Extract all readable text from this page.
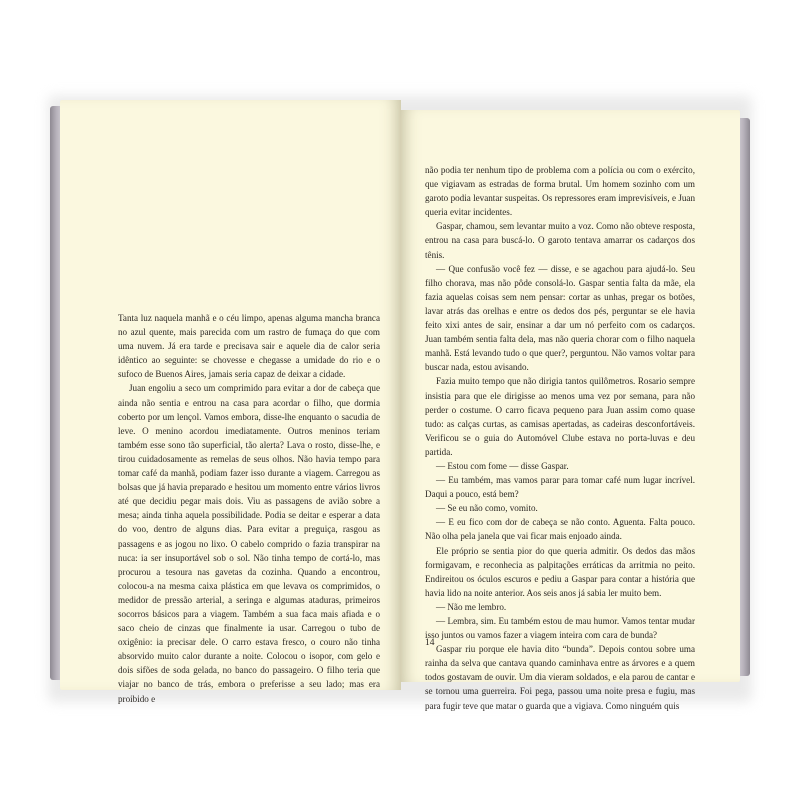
Tanta luz naquela manhã e o céu limpo, apenas alguma mancha branca no azul quente, mais parecida com um rastro de fumaça do que com uma nuvem. Já era tarde e precisava sair e aquele dia de calor seria idêntico ao seguinte: se chovesse e chegasse a umidade do rio e o sufoco de Buenos Aires, jamais seria capaz de deixar a cidade.

Juan engoliu a seco um comprimido para evitar a dor de cabeça que ainda não sentia e entrou na casa para acordar o filho, que dormia coberto por um lençol. Vamos embora, disse-lhe enquanto o sacudia de leve. O menino acordou imediatamente. Outros meninos teriam também esse sono tão superficial, tão alerta? Lava o rosto, disse-lhe, e tirou cuidadosamente as remelas de seus olhos. Não havia tempo para tomar café da manhã, podiam fazer isso durante a viagem. Carregou as bolsas que já havia preparado e hesitou um momento entre vários livros até que decidiu pegar mais dois. Viu as passagens de avião sobre a mesa; ainda tinha aquela possibilidade. Podia se deitar e esperar a data do voo, dentro de alguns dias. Para evitar a preguiça, rasgou as passagens e as jogou no lixo. O cabelo comprido o fazia transpirar na nuca: ia ser insuportável sob o sol. Não tinha tempo de cortá-lo, mas procurou a tesoura nas gavetas da cozinha. Quando a encontrou, colocou-a na mesma caixa plástica em que levava os comprimidos, o medidor de pressão arterial, a seringa e algumas ataduras, primeiros socorros básicos para a viagem. Também a sua faca mais afiada e o saco cheio de cinzas que finalmente ia usar. Carregou o tubo de oxigênio: ia precisar dele. O carro estava fresco, o couro não tinha absorvido muito calor durante a noite. Colocou o isopor, com gelo e dois sifões de soda gelada, no banco do passageiro. O filho teria que viajar no banco de trás, embora o preferisse a seu lado; mas era proibido e

não podia ter nenhum tipo de problema com a polícia ou com o exército, que vigiavam as estradas de forma brutal. Um homem sozinho com um garoto podia levantar suspeitas. Os repressores eram imprevisíveis, e Juan queria evitar incidentes.

Gaspar, chamou, sem levantar muito a voz. Como não obteve resposta, entrou na casa para buscá-lo. O garoto tentava amarrar os cadarços dos tênis.

— Que confusão você fez — disse, e se agachou para ajudá-lo. Seu filho chorava, mas não pôde consolá-lo. Gaspar sentia falta da mãe, ela fazia aquelas coisas sem nem pensar: cortar as unhas, pregar os botões, lavar atrás das orelhas e entre os dedos dos pés, perguntar se ele havia feito xixi antes de sair, ensinar a dar um nó perfeito com os cadarços. Juan também sentia falta dela, mas não queria chorar com o filho naquela manhã. Está levando tudo o que quer?, perguntou. Não vamos voltar para buscar nada, estou avisando.

Fazia muito tempo que não dirigia tantos quilômetros. Rosario sempre insistia para que ele dirigisse ao menos uma vez por semana, para não perder o costume. O carro ficava pequeno para Juan assim como quase tudo: as calças curtas, as camisas apertadas, as cadeiras desconfortáveis. Verificou se o guia do Automóvel Clube estava no porta-luvas e deu partida.

— Estou com fome — disse Gaspar.

— Eu também, mas vamos parar para tomar café num lugar incrível. Daqui a pouco, está bem?

— Se eu não como, vomito.

— E eu fico com dor de cabeça se não conto. Aguenta. Falta pouco. Não olha pela janela que vai ficar mais enjoado ainda.

Ele próprio se sentia pior do que queria admitir. Os dedos das mãos formigavam, e reconhecia as palpitações erráticas da arritmia no peito. Endireitou os óculos escuros e pediu a Gaspar para contar a história que havia lido na noite anterior. Aos seis anos já sabia ler muito bem.

— Não me lembro.

— Lembra, sim. Eu também estou de mau humor. Vamos tentar mudar isso juntos ou vamos fazer a viagem inteira com cara de bunda?

Gaspar riu porque ele havia dito “bunda”. Depois contou sobre uma rainha da selva que cantava quando caminhava entre as árvores e a quem todos gostavam de ouvir. Um dia vieram soldados, e ela parou de cantar e se tornou uma guerreira. Foi pega, passou uma noite presa e fugiu, mas para fugir teve que matar o guarda que a vigiava. Como ninguém quis

14
